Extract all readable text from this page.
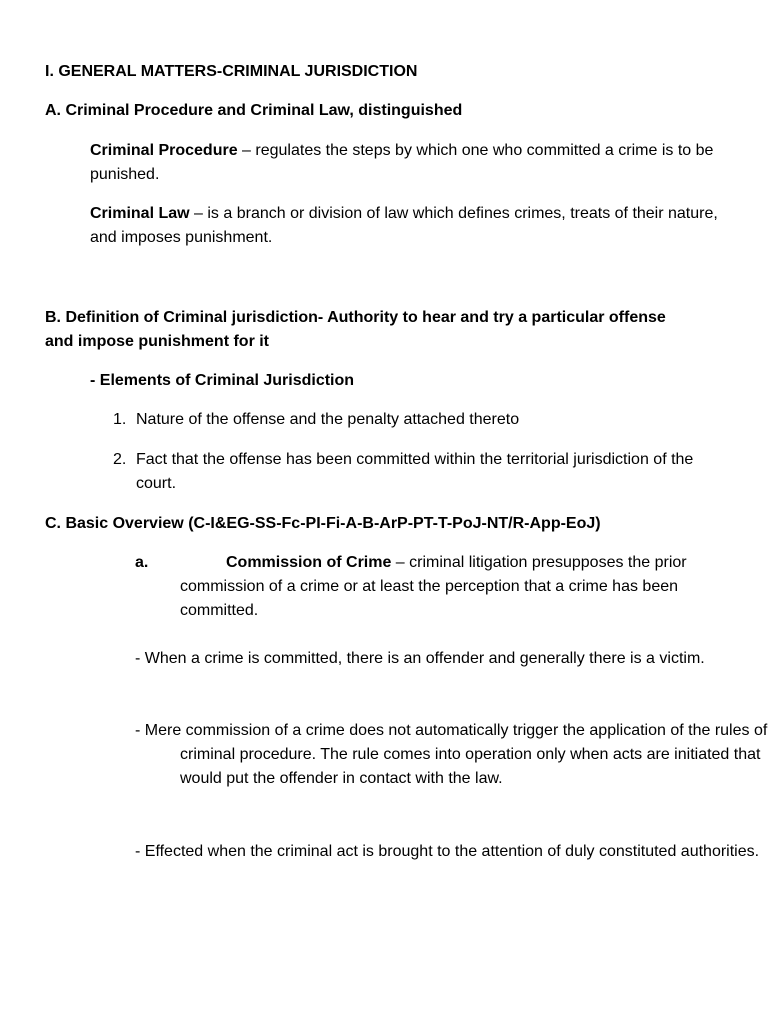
I. GENERAL MATTERS-CRIMINAL JURISDICTION

A. Criminal Procedure and Criminal Law, distinguished

Criminal Procedure – regulates the steps by which one who committed a crime is to be punished.

Criminal Law – is a branch or division of law which defines crimes, treats of their nature, and imposes punishment.

B. Definition of Criminal jurisdiction- Authority to hear and try a particular offense and impose punishment for it

- Elements of Criminal Jurisdiction

1. Nature of the offense and the penalty attached thereto
2. Fact that the offense has been committed within the territorial jurisdiction of the court.

C. Basic Overview (C-I&EG-SS-Fc-PI-Fi-A-B-ArP-PT-T-PoJ-NT/R-App-EoJ)

a.	Commission of Crime – criminal litigation presupposes the prior commission of a crime or at least the perception that a crime has been committed.

- When a crime is committed, there is an offender and generally there is a victim.

- Mere commission of a crime does not automatically trigger the application of the rules of criminal procedure. The rule comes into operation only when acts are initiated that would put the offender in contact with the law.

- Effected when the criminal act is brought to the attention of duly constituted authorities.
